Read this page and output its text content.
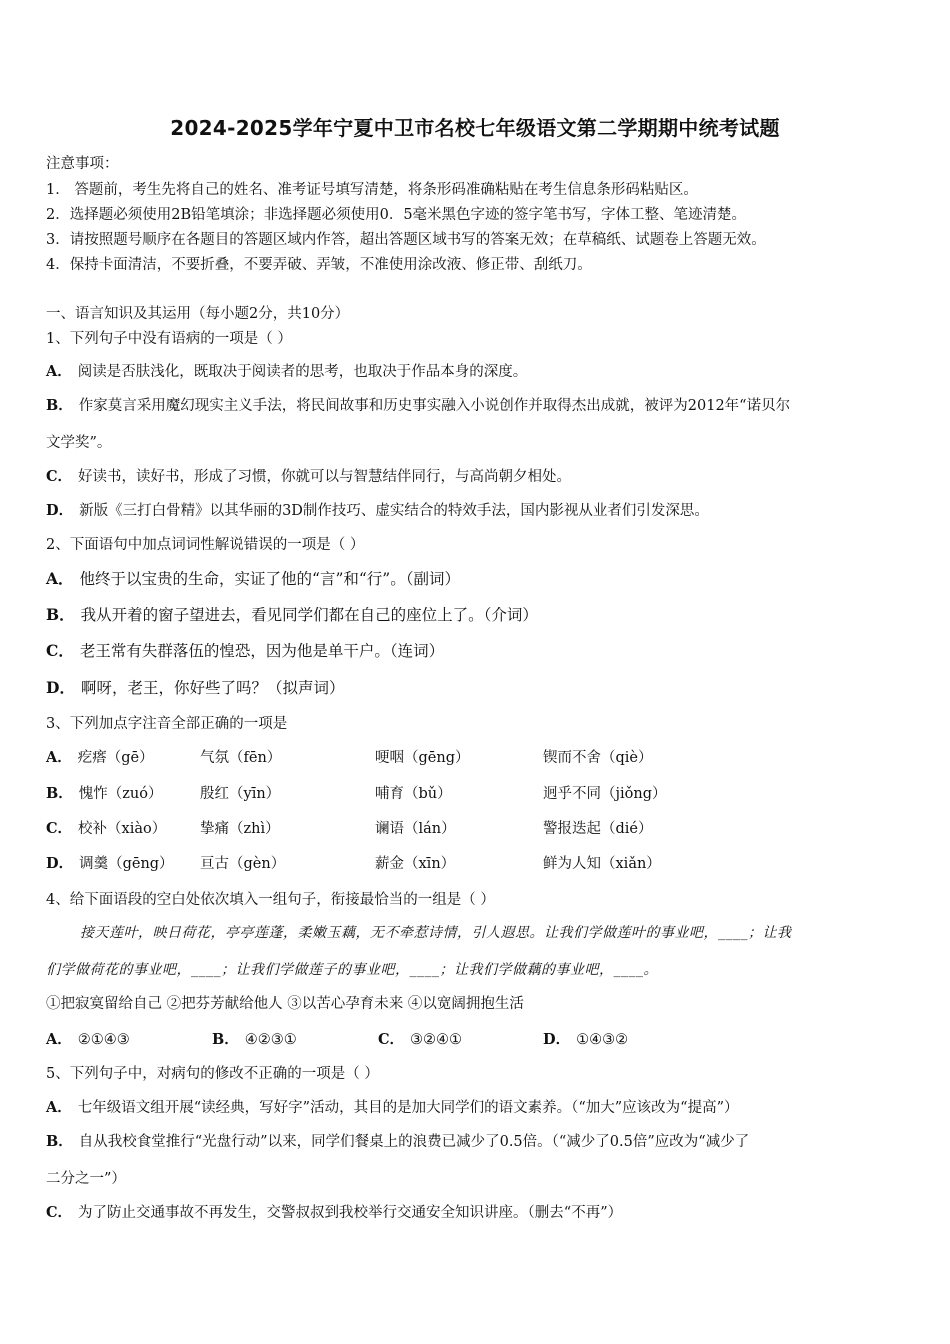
2024-2025学年宁夏中卫市名校七年级语文第二学期期中统考试题
注意事项：
1． 答题前，考生先将自己的姓名、准考证号填写清楚，将条形码准确粘贴在考生信息条形码粘贴区。
2．选择题必须使用2B铅笔填涂；非选择题必须使用0．5毫米黑色字迹的签字笔书写，字体工整、笔迹清楚。
3．请按照题号顺序在各题目的答题区域内作答，超出答题区域书写的答案无效；在草稿纸、试题卷上答题无效。
4．保持卡面清洁，不要折叠，不要弄破、弄皱，不准使用涂改液、修正带、刮纸刀。
一、语言知识及其运用（每小题2分，共10分）
1、下列句子中没有语病的一项是（ ）
A． 阅读是否肤浅化，既取决于阅读者的思考，也取决于作品本身的深度。
B． 作家莫言采用魔幻现实主义手法，将民间故事和历史事实融入小说创作并取得杰出成就，被评为2012年“诺贝尔
文学奖”。
C． 好读书，读好书，形成了习惯，你就可以与智慧结伴同行，与高尚朝夕相处。
D． 新版《三打白骨精》以其华丽的3D制作技巧、虚实结合的特效手法，国内影视从业者们引发深思。
2、下面语句中加点词词性解说错误的一项是（ ）
A． 他终于以宝贵的生命，实证了他的“言”和“行”。（副词）
B． 我从开着的窗子望进去，看见同学们都在自己的座位上了。（介词）
C． 老王常有失群落伍的惶恐，因为他是单干户。（连词）
D． 啊呀，老王，你好些了吗？（拟声词）
3、下列加点字注音全部正确的一项是
A． 疙瘩（gē）	气氛（fēn）	哽咽（gēng）	锲而不舍（qiè）
B． 愧怍（zuó）	殷红（yīn）	哺育（bǔ）	迥乎不同（jiǒng）
C． 校补（xiào） 挚痛（zhì）	谰语（lán）	警报迭起（dié）
D． 调羹（gēng） 亘古（gèn）	薪金（xīn）	鲜为人知（xiǎn）
4、给下面语段的空白处依次填入一组句子，衔接最恰当的一组是（ ）
接天莲叶，映日荷花，亭亭莲蓬，柔嫩玉藕，无不牵惹诗情，引人遐思。让我们学做莲叶的事业吧，____；让我
们学做荷花的事业吧，____；让我们学做莲子的事业吧，____；让我们学做藕的事业吧，____。
①把寂寞留给自己 ②把芬芳献给他人 ③以苦心孕育未来 ④以宽阔拥抱生活
A． ②①④③	B． ④②③①	C． ③②④①	D． ①④③②
5、下列句子中，对病句的修改不正确的一项是（ ）
A． 七年级语文组开展“读经典，写好字”活动，其目的是加大同学们的语文素养。（“加大”应该改为“提高”）
B． 自从我校食堂推行“光盘行动”以来，同学们餐桌上的浪费已减少了0.5倍。（“减少了0.5倍”应改为“减少了
二分之一”）
C． 为了防止交通事故不再发生，交警叔叔到我校举行交通安全知识讲座。（删去“不再”）
